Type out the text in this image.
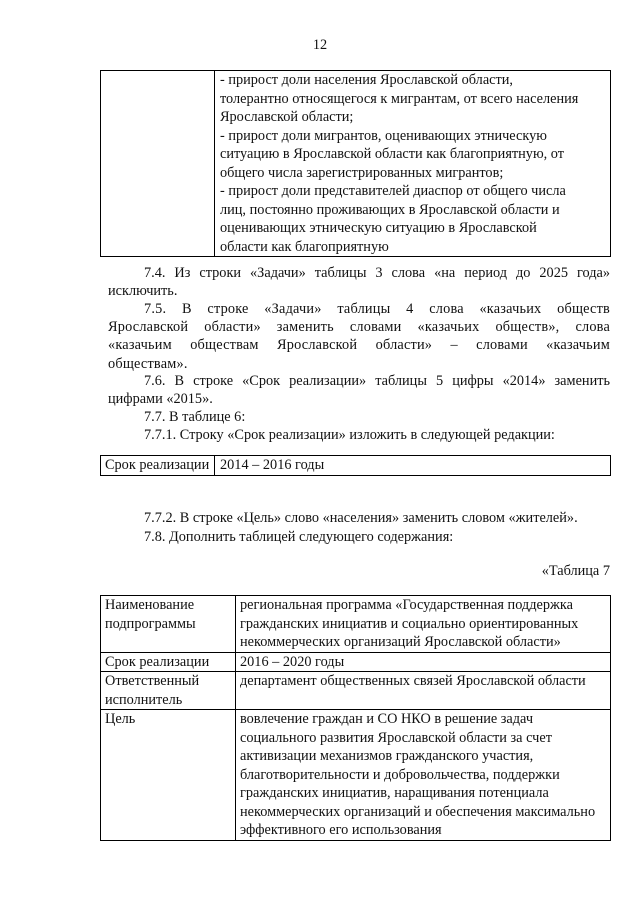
12

- прирост доли населения Ярославской области,
толерантно относящегося к мигрантам, от всего населения
Ярославской области;
- прирост доли мигрантов, оценивающих этническую
ситуацию в Ярославской области как благоприятную, от
общего числа зарегистрированных мигрантов;
- прирост доли представителей диаспор от общего числа
лиц, постоянно проживающих в Ярославской области и
оценивающих этническую ситуацию в Ярославской
области как благоприятную
7.4. Из строки «Задачи» таблицы 3 слова «на период до 2025 года» исключить.
7.5. В строке «Задачи» таблицы 4 слова «казачьих обществ Ярославской области» заменить словами «казачьих обществ», слова «казачьим обществам Ярославской области» – словами «казачьим обществам».
7.6. В строке «Срок реализации» таблицы 5 цифры «2014» заменить цифрами «2015».
7.7. В таблице 6:
7.7.1. Строку «Срок реализации» изложить в следующей редакции:
Срок реализации	2014 – 2016 годы
7.7.2. В строке «Цель» слово «населения» заменить словом «жителей».
7.8. Дополнить таблицей следующего содержания:
«Таблица 7
Наименование подпрограммы	региональная программа «Государственная поддержка гражданских инициатив и социально ориентированных некоммерческих организаций Ярославской области»
Срок реализации	2016 – 2020 годы
Ответственный исполнитель	департамент общественных связей Ярославской области
Цель	вовлечение граждан и СО НКО в решение задач социального развития Ярославской области за счет активизации механизмов гражданского участия, благотворительности и добровольчества, поддержки гражданских инициатив, наращивания потенциала некоммерческих организаций и обеспечения максимально эффективного его использования
